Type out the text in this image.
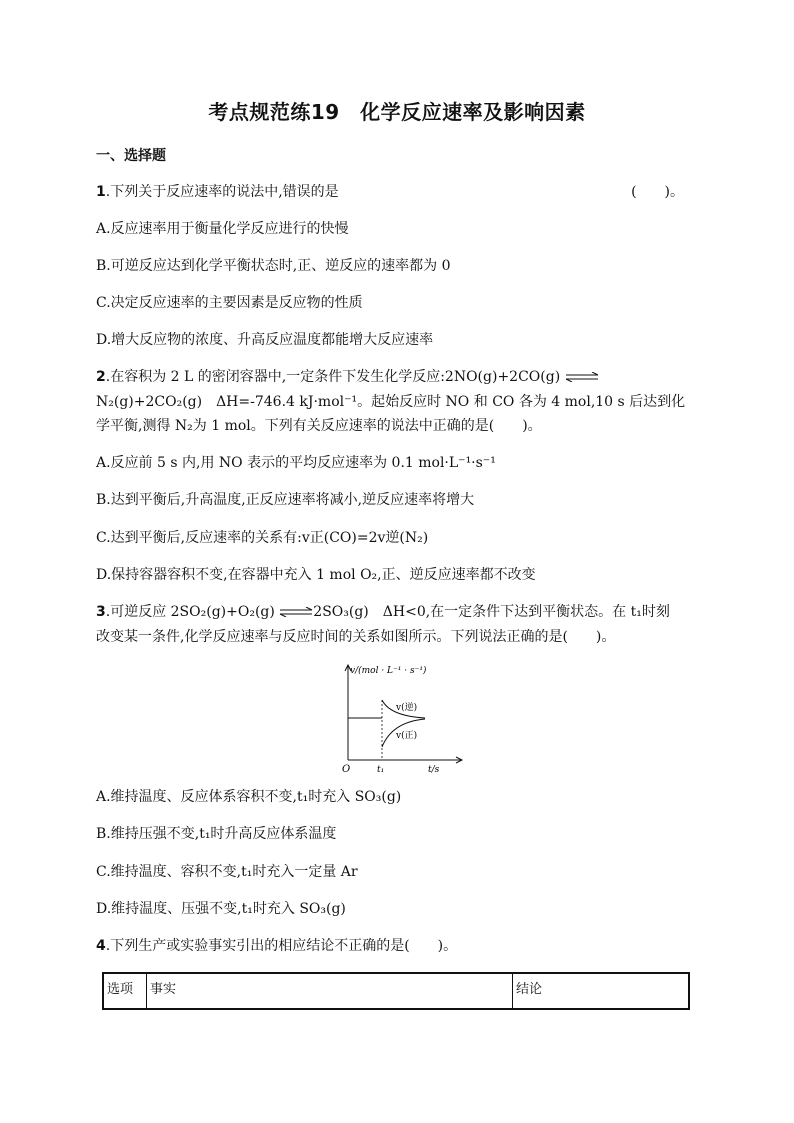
考点规范练19　化学反应速率及影响因素
一、选择题
1.下列关于反应速率的说法中,错误的是	(　　)。
A.反应速率用于衡量化学反应进行的快慢
B.可逆反应达到化学平衡状态时,正、逆反应的速率都为 0
C.决定反应速率的主要因素是反应物的性质
D.增大反应物的浓度、升高反应温度都能增大反应速率
2.在容积为 2 L 的密闭容器中,一定条件下发生化学反应:2NO(g)+2CO(g) ⇌
N₂(g)+2CO₂(g)　ΔH=-746.4 kJ·mol⁻¹。起始反应时 NO 和 CO 各为 4 mol,10 s 后达到化
学平衡,测得 N₂为 1 mol。下列有关反应速率的说法中正确的是(　　)。
A.反应前 5 s 内,用 NO 表示的平均反应速率为 0.1 mol·L⁻¹·s⁻¹
B.达到平衡后,升高温度,正反应速率将减小,逆反应速率将增大
C.达到平衡后,反应速率的关系有:v正(CO)=2v逆(N₂)
D.保持容器容积不变,在容器中充入 1 mol O₂,正、逆反应速率都不改变
3.可逆反应 2SO₂(g)+O₂(g) ⇌2SO₃(g)　ΔH<0,在一定条件下达到平衡状态。在 t₁时刻
改变某一条件,化学反应速率与反应时间的关系如图所示。下列说法正确的是(　　)。
v/(mol · L⁻¹ · s⁻¹)
v(逆)
v(正)
O	t₁	t/s
A.维持温度、反应体系容积不变,t₁时充入 SO₃(g)
B.维持压强不变,t₁时升高反应体系温度
C.维持温度、容积不变,t₁时充入一定量 Ar
D.维持温度、压强不变,t₁时充入 SO₃(g)
4.下列生产或实验事实引出的相应结论不正确的是(　　)。
选项	事实	结论
